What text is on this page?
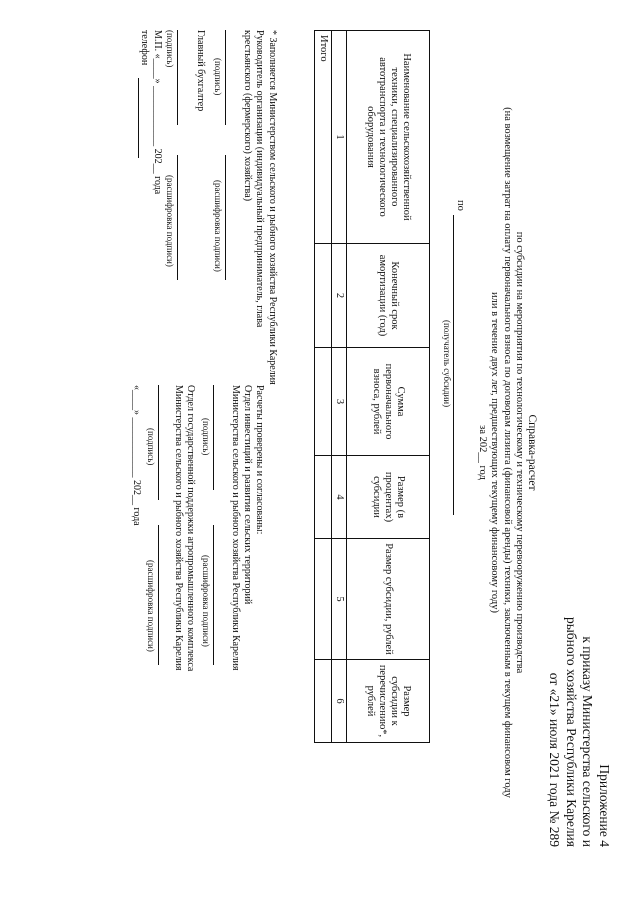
Приложение 4
к приказу Министерства сельского и
рыбного хозяйства Республики Карелия
от «21» июля 2021 года № 289
Справка-расчет
по субсидии на мероприятия по технологическому и техническому перевооружению производства
(на возмещение затрат на оплату первоначального взноса по договорам лизинга (финансовой аренды) техники, заключенным в текущем финансовом году
или в течение двух лет, предшествующих текущему финансовому году)
за 202__ год
по
(получатель субсидии)
Наименование сельскохозяйственной техники, специализированного автотранспорта и технологического оборудования	Конечный срок амортизации (год)	Сумма первоначального взноса, рублей	Размер (в процентах) субсидии	Размер субсидии, рублей	Размер субсидии к перечислению*, рублей
1	2	3	4	5	6
Итого					
* Заполняется Министерством сельского и рыбного хозяйства Республики Карелия
Руководитель организации (индивидуальный предприниматель, глава
крестьянского (фермерского) хозяйства)
(подпись)
(расшифровка подписи)
Главный бухгалтер
(подпись)
(расшифровка подписи)
М.П. «____» ____________ 202__ года
телефон
Расчеты проверены и согласованы:
Отдел инвестиций и развития сельских территорий
Министерства сельского и рыбного хозяйства Республики Карелия
(подпись)
(расшифровка подписи)
Отдел государственной поддержки агропромышленного комплекса
Министерства сельского и рыбного хозяйства Республики Карелия
(подпись)
(расшифровка подписи)
«____» ____________ 202__ года
